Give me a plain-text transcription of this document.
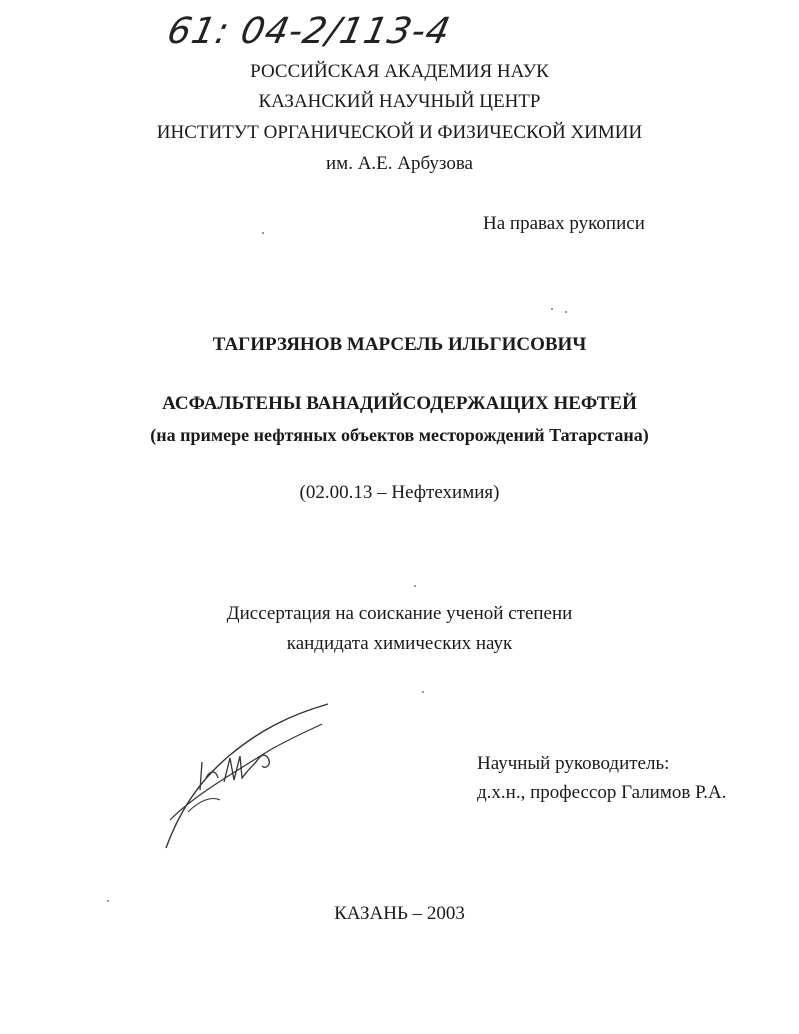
61: 04-2/113-4
РОССИЙСКАЯ АКАДЕМИЯ НАУК
КАЗАНСКИЙ НАУЧНЫЙ ЦЕНТР
ИНСТИТУТ ОРГАНИЧЕСКОЙ И ФИЗИЧЕСКОЙ ХИМИИ
им. А.Е. Арбузова
На правах рукописи
ТАГИРЗЯНОВ МАРСЕЛЬ ИЛЬГИСОВИЧ
АСФАЛЬТЕНЫ ВАНАДИЙСОДЕРЖАЩИХ НЕФТЕЙ
(на примере нефтяных объектов месторождений Татарстана)
(02.00.13 – Нефтехимия)
Диссертация на соискание ученой степени
кандидата химических наук
Научный руководитель:
д.х.н., профессор Галимов Р.А.
КАЗАНЬ – 2003
